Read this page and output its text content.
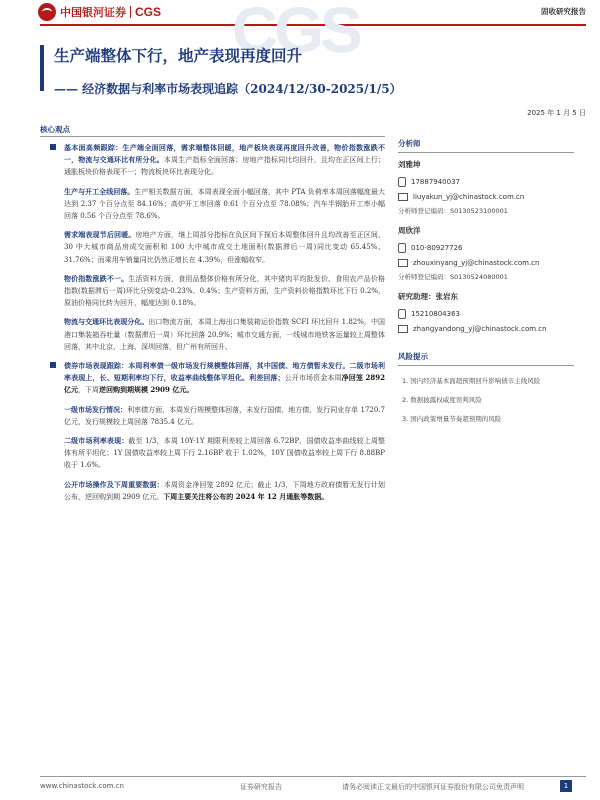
中国银河证券 CGS	固收研究报告
CGS
生产端整体下行，地产表现再度回升
—— 经济数据与利率市场表现追踪（2024/12/30-2025/1/5）
2025 年 1 月 5 日
核心观点

基本面高频跟踪：生产端全面回落，需求端整体回暖，地产板块表现再度回升改善，物价指数涨跌不一，物流与交通环比有所分化。本周生产指标全面回落；房地产指标同比均回升，且均在正区间上行；通胀板块价格表现不一；物流板块环比表现分化。

生产与开工全线回落。生产相关数据方面，本周表现全面小幅回落，其中 PTA 负荷率本周回落幅度最大达到 2.37 个百分点至 84.16%；高炉开工率回落 0.61 个百分点至 78.08%；汽车半钢胎开工率小幅回落 0.56 个百分点至 78.6%。

需求端表现节后回暖。房地产方面，继上周部分指标在负区间下探后本周整体回升且均改善至正区间，30 中大城市商品房成交面积和 100 大中城市成交土地面积(数据滞后一周)同比变动 65.45%、31.76%；而乘用车销量同比仍然正增长在 4.39%，但涨幅收窄。

物价指数涨跌不一。生活资料方面，食用品整体价格有所分化，其中猪肉平均批发价、食用农产品价格指数(数据滞后一周)环比分别变动-0.23%、0.4%；生产资料方面，生产资料价格指数环比下行 0.2%，原油价格同比转为回升，幅度达到 0.18%。

物流与交通环比表现分化。出口物流方面，本周上海出口集装箱运价指数 SCFI 环比回升 1.82%，中国港口集装箱吞吐量（数据滞后一周）环比回落 20.9%；城市交通方面，一线城市地铁客运量较上周整体回落，其中北京、上海、深圳回落，但广州有所回升。

债券市场表现跟踪：本周利率债一级市场发行规模整体回落，其中国债、地方债暂未发行。二级市场利率表现上，长、短期利率均下行，收益率曲线整体平坦化。利差回落；公开市场资金本周净回笼 2892 亿元，下周逆回购到期规模 2909 亿元。

一级市场发行情况：利率债方面，本周发行规模整体回落，未发行国债、地方债，发行同业存单 1720.7 亿元，发行规模较上周回落 7835.4 亿元。

二级市场利率表现：截至 1/3，本周 10Y-1Y 期限利差较上周回落 6.72BP，国债收益率曲线较上周整体有所平坦化；1Y 国债收益率较上周下行 2.16BP 收于 1.02%，10Y 国债收益率较上周下行 8.88BP 收于 1.6%。

公开市场操作及下周重要数据：本周资金净回笼 2892 亿元；截止 1/3，下周地方政府债暂无发行计划公布，逆回购到期 2909 亿元。下周主要关注将公布的 2024 年 12 月通胀等数据。

分析师
刘雅坤
17887940037
liuyakun_yj@chinastock.com.cn
分析师登记编码：S0130523100001
周欣洋
010-80927726
zhouxinyang_yj@chinastock.com.cn
分析师登记编码：S0130524080001
研究助理：张岩东
15210804363
zhangyandong_yj@chinastock.com.cn
风险提示
1. 国内经济基本面超预期回升影响债市主线风险
2. 数据披露权威度误判风险
3. 国内政策增量节奏超预期的风险
www.chinastock.com.cn	证券研究报告	请务必阅读正文最后的中国银河证券股份有限公司免责声明	1
